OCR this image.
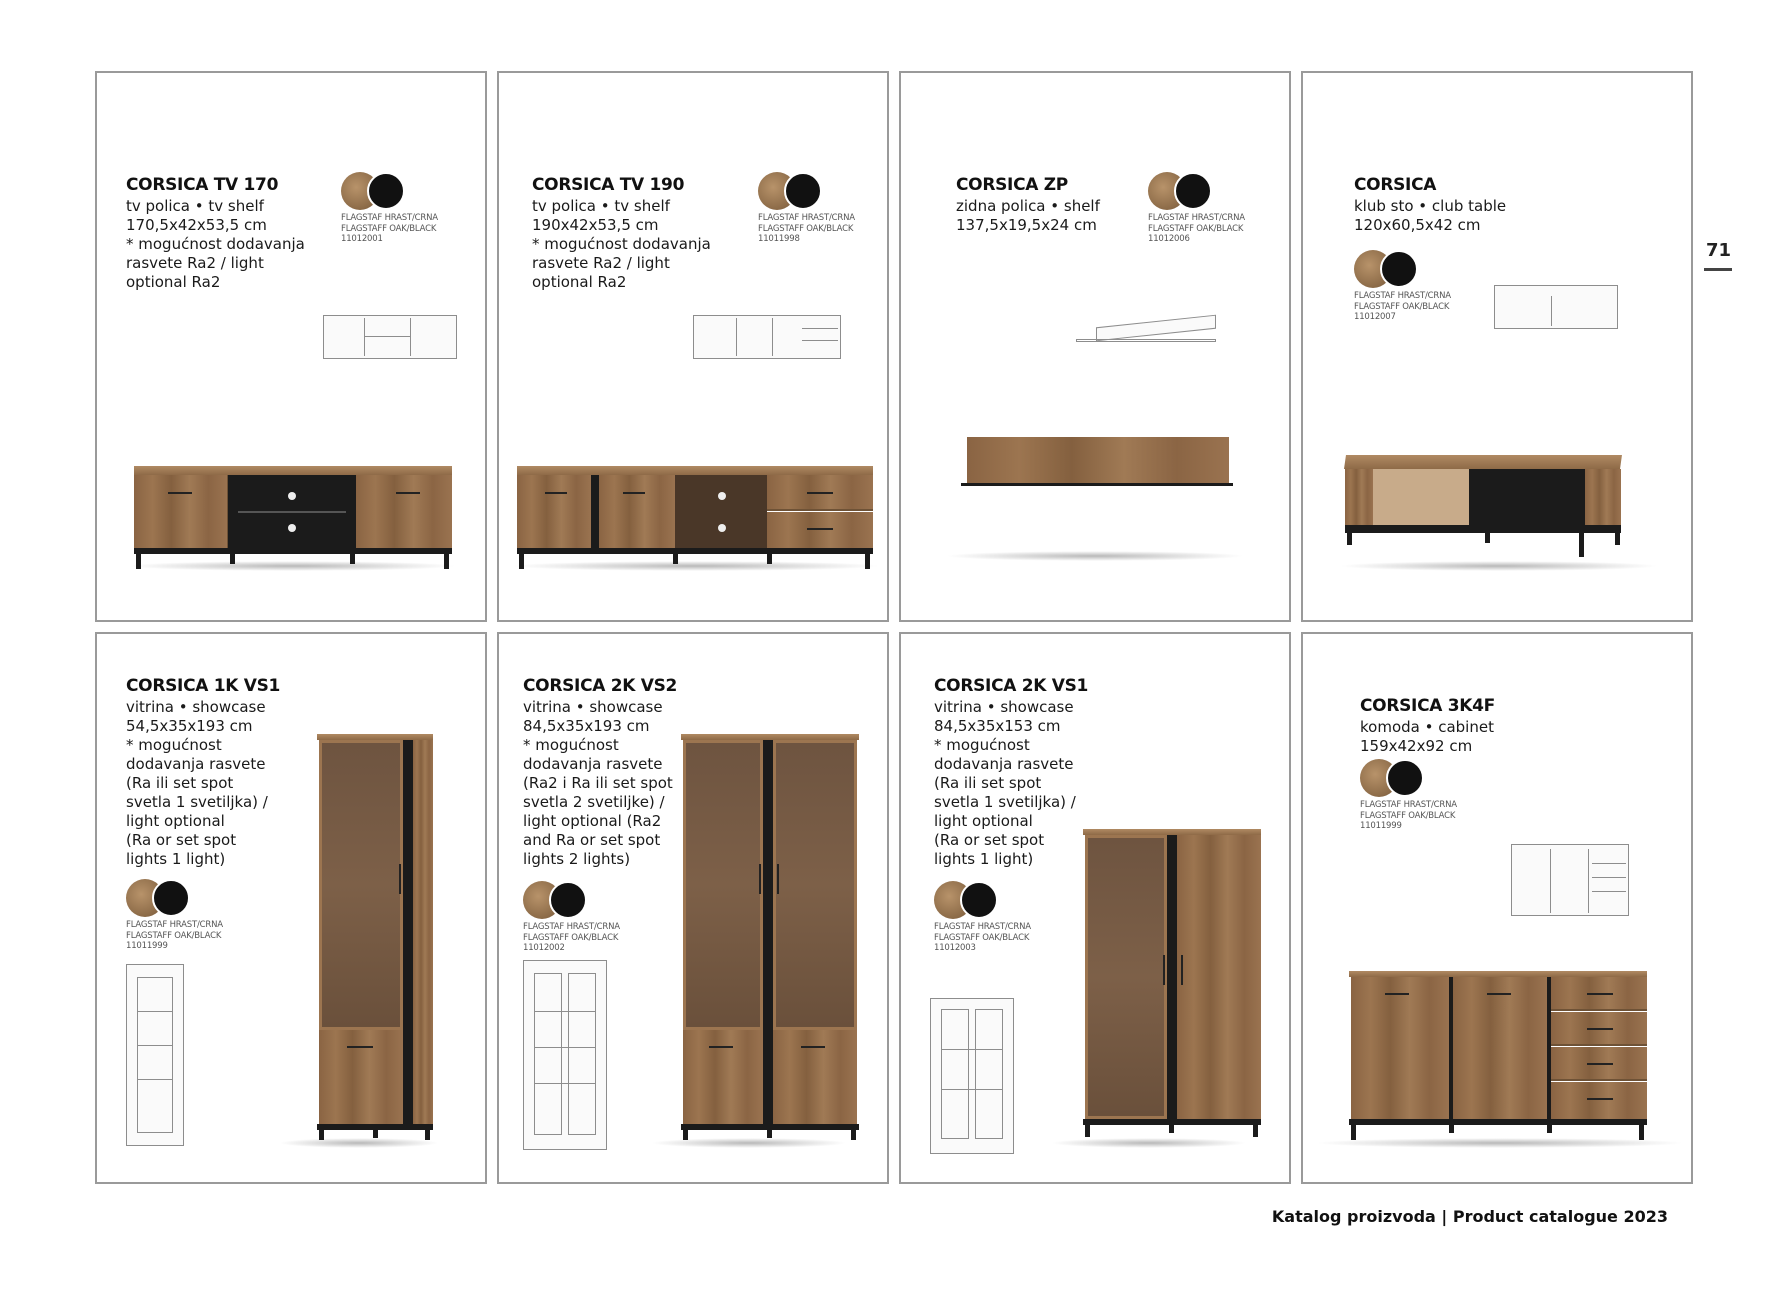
CORSICA TV 170
tv polica • tv shelf
170,5x42x53,5 cm
* mogućnost dodavanja
rasvete Ra2 / light
optional Ra2
FLAGSTAF HRAST/CRNA
FLAGSTAFF OAK/BLACK
11012001
CORSICA TV 190
tv polica • tv shelf
190x42x53,5 cm
* mogućnost dodavanja
rasvete Ra2 / light
optional Ra2
FLAGSTAF HRAST/CRNA
FLAGSTAFF OAK/BLACK
11011998
CORSICA ZP
zidna polica • shelf
137,5x19,5x24 cm	FLAGSTAF HRAST/CRNA
FLAGSTAFF OAK/BLACK
11012006
CORSICA
klub sto • club table
120x60,5x42 cm
FLAGSTAF HRAST/CRNA
FLAGSTAFF OAK/BLACK
11012007
CORSICA 1K VS1
vitrina • showcase
54,5x35x193 cm
* mogućnost
dodavanja rasvete
(Ra ili set spot
svetla 1 svetiljka) /
light optional
(Ra or set spot
lights 1 light)
FLAGSTAF HRAST/CRNA
FLAGSTAFF OAK/BLACK
11011999
CORSICA 2K VS2
vitrina • showcase
84,5x35x193 cm
* mogućnost
dodavanja rasvete
(Ra2 i Ra ili set spot
svetla 2 svetiljke) /
light optional (Ra2
and Ra or set spot
lights 2 lights)
FLAGSTAF HRAST/CRNA
FLAGSTAFF OAK/BLACK
11012002
CORSICA 2K VS1
vitrina • showcase
84,5x35x153 cm
* mogućnost
dodavanja rasvete
(Ra ili set spot
svetla 1 svetiljka) /
light optional
(Ra or set spot
lights 1 light)
FLAGSTAF HRAST/CRNA
FLAGSTAFF OAK/BLACK
11012003
CORSICA 3K4F
komoda • cabinet
159x42x92 cm
FLAGSTAF HRAST/CRNA
FLAGSTAFF OAK/BLACK
11011999
71
Katalog proizvoda | Product catalogue 2023
